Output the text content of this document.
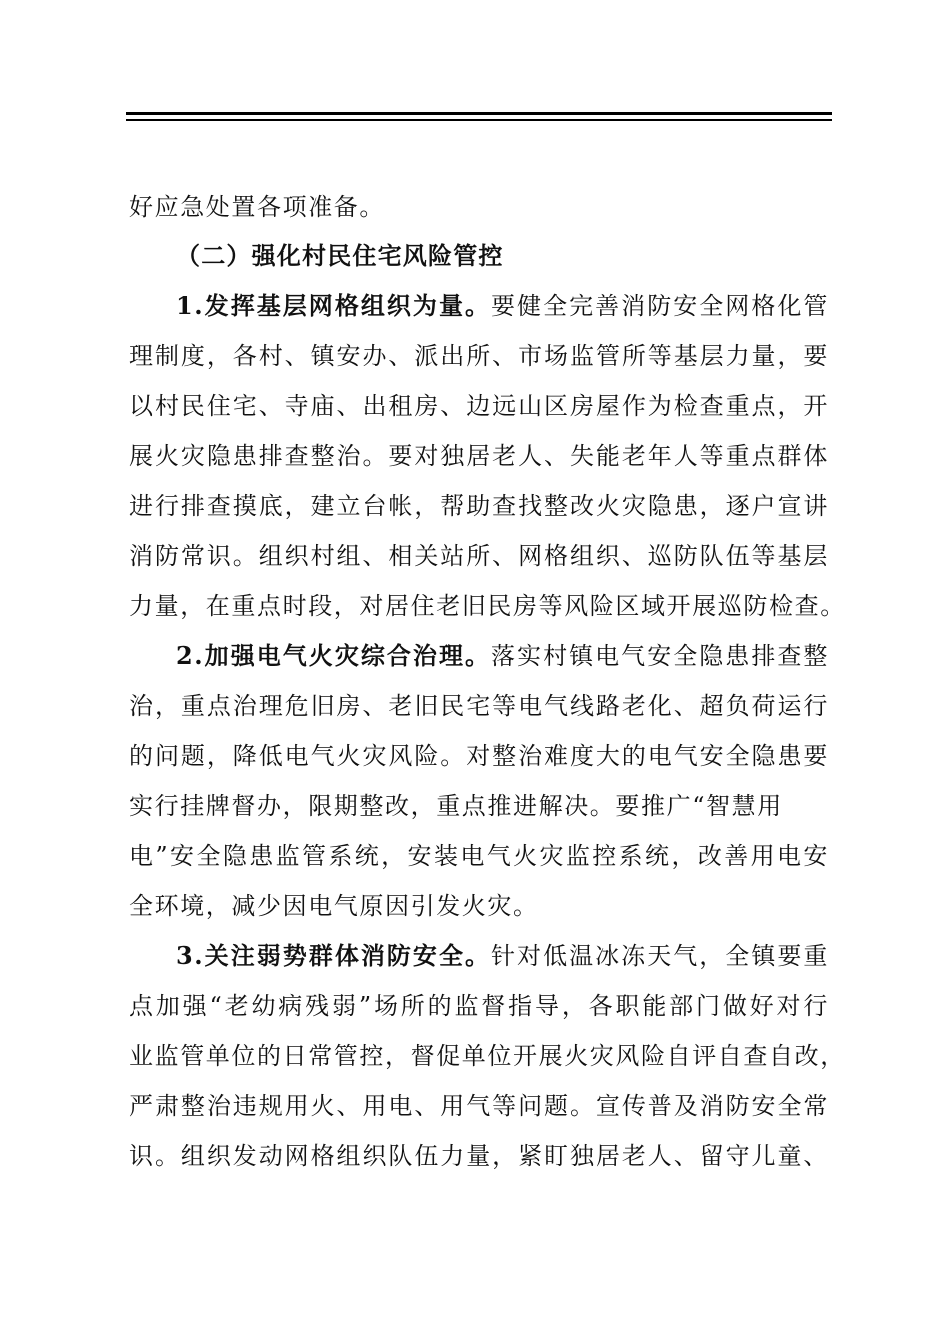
好应急处置各项准备。
（二）强化村民住宅风险管控
1.发挥基层网格组织为量。要健全完善消防安全网格化管
理制度，各村、镇安办、派出所、市场监管所等基层力量，要
以村民住宅、寺庙、出租房、边远山区房屋作为检查重点，开
展火灾隐患排查整治。要对独居老人、失能老年人等重点群体
进行排查摸底，建立台帐，帮助查找整改火灾隐患，逐户宣讲
消防常识。组织村组、相关站所、网格组织、巡防队伍等基层
力量，在重点时段，对居住老旧民房等风险区域开展巡防检查。
2.加强电气火灾综合治理。落实村镇电气安全隐患排查整
治，重点治理危旧房、老旧民宅等电气线路老化、超负荷运行
的问题，降低电气火灾风险。对整治难度大的电气安全隐患要
实行挂牌督办，限期整改，重点推进解决。要推广“智慧用
电”安全隐患监管系统，安装电气火灾监控系统，改善用电安
全环境，减少因电气原因引发火灾。
3.关注弱势群体消防安全。针对低温冰冻天气，全镇要重
点加强“老幼病残弱”场所的监督指导，各职能部门做好对行
业监管单位的日常管控，督促单位开展火灾风险自评自查自改，
严肃整治违规用火、用电、用气等问题。宣传普及消防安全常
识。组织发动网格组织队伍力量，紧盯独居老人、留守儿童、
